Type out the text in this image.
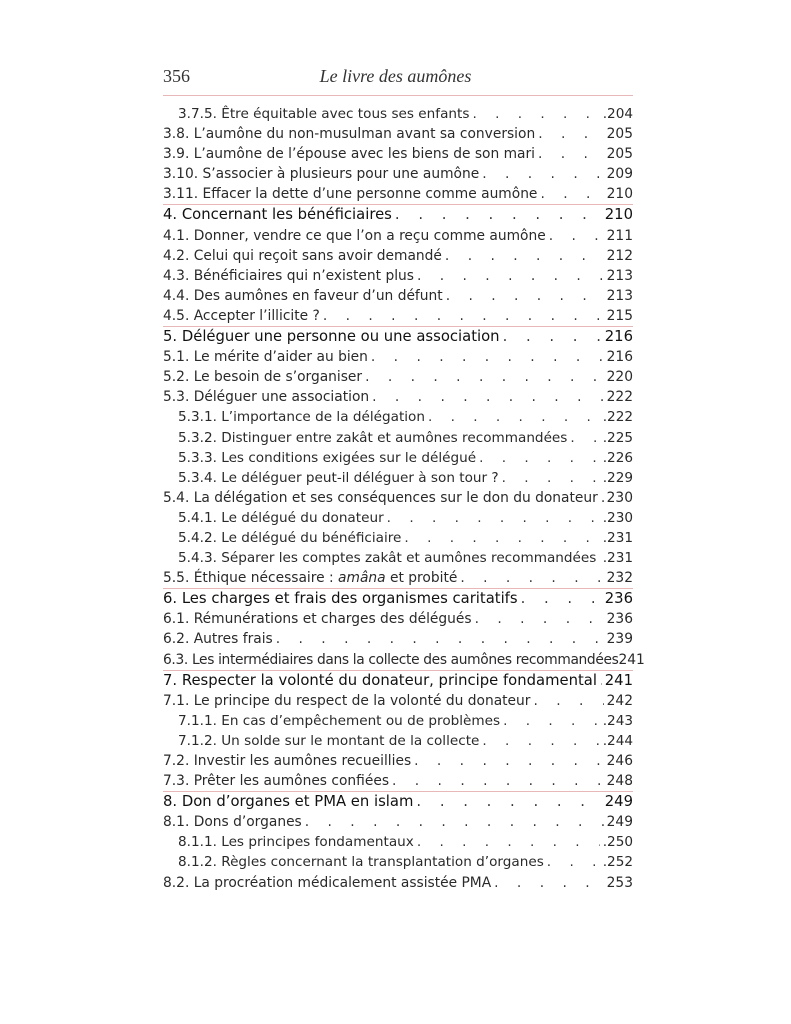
356	Le livre des aumônes
3.7.5. Être équitable avec tous ses enfants . . .	.204
3.8. L’aumône du non-musulman avant sa conversion . . .	205
3.9. L’aumône de l’épouse avec les biens de son mari . . .	205
3.10. S’associer à plusieurs pour une aumône . . .	209
3.11. Effacer la dette d’une personne comme aumône . . .	210
4. Concernant les bénéficiaires . . .	210
4.1. Donner, vendre ce que l’on a reçu comme aumône . . .	211
4.2. Celui qui reçoit sans avoir demandé . . .	212
4.3. Bénéficiaires qui n’existent plus . . .	213
4.4. Des aumônes en faveur d’un défunt . . .	213
4.5. Accepter l’illicite ? . . .	215
5. Déléguer une personne ou une association . . .	216
5.1. Le mérite d’aider au bien . . .	216
5.2. Le besoin de s’organiser . . .	220
5.3. Déléguer une association . . .	222
5.3.1. L’importance de la délégation . . .	.222
5.3.2. Distinguer entre zakât et aumônes recommandées . . .	.225
5.3.3. Les conditions exigées sur le délégué . . .	.226
5.3.4. Le déléguer peut-il déléguer à son tour ? . . .	.229
5.4. La délégation et ses conséquences sur le don du donateur . . . 230
5.4.1. Le délégué du donateur . . .	.230
5.4.2. Le délégué du bénéficiaire . . .	.231
5.4.3. Séparer les comptes zakât et aumônes recommandées . . . .231
5.5. Éthique nécessaire : amâna et probité . . .	232
6. Les charges et frais des organismes caritatifs . . .	236
6.1. Rémunérations et charges des délégués . . .	236
6.2. Autres frais . . .	239
6.3. Les intermédiaires dans la collecte des aumônes recommandées 241
7. Respecter la volonté du donateur, principe fondamental . . . 241
7.1. Le principe du respect de la volonté du donateur . . .	242
7.1.1. En cas d’empêchement ou de problèmes . . .	.243
7.1.2. Un solde sur le montant de la collecte . . .	.244
7.2. Investir les aumônes recueillies . . .	246
7.3. Prêter les aumônes confiées . . .	248
8. Don d’organes et PMA en islam . . .	249
8.1. Dons d’organes . . .	249
8.1.1. Les principes fondamentaux . . .	.250
8.1.2. Règles concernant la transplantation d’organes . . .	.252
8.2. La procréation médicalement assistée PMA . . .	253
